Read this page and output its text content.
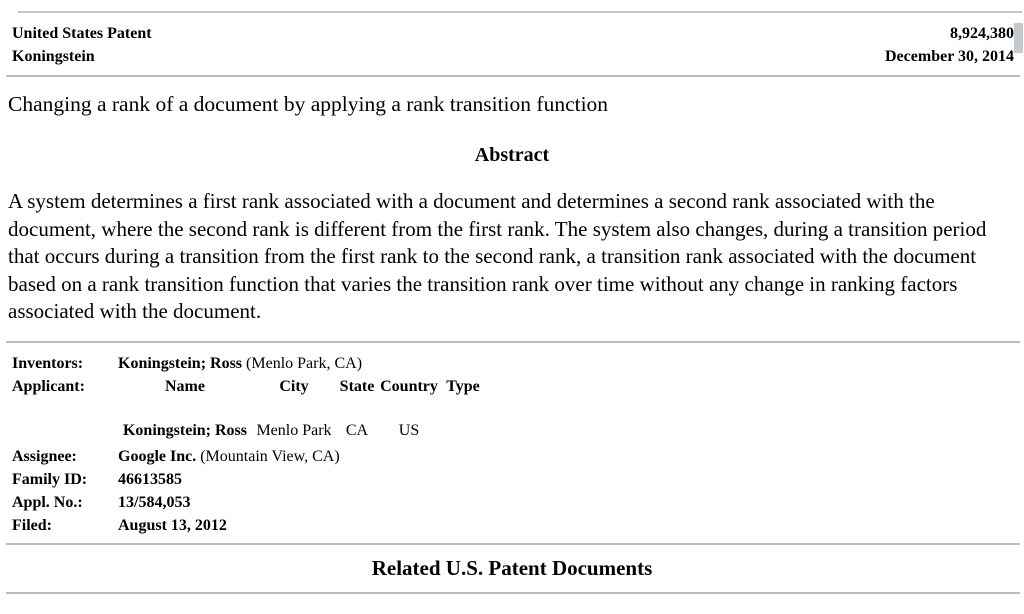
United States Patent
Koningstein
8,924,380
December 30, 2014
Changing a rank of a document by applying a rank transition function
Abstract

A system determines a first rank associated with a document and determines a second rank associated with the document, where the second rank is different from the first rank. The system also changes, during a transition period that occurs during a transition from the first rank to the second rank, a transition rank associated with the document based on a rank transition function that varies the transition rank over time without any change in ranking factors associated with the document.

Inventors:	Koningstein; Ross (Menlo Park, CA)
Applicant:	Name	City	State	Country	Type
Koningstein; Ross	Menlo Park	CA	US	
Assignee:	Google Inc. (Mountain View, CA)
Family ID:	46613585
Appl. No.:	13/584,053
Filed:	August 13, 2012
Related U.S. Patent Documents
